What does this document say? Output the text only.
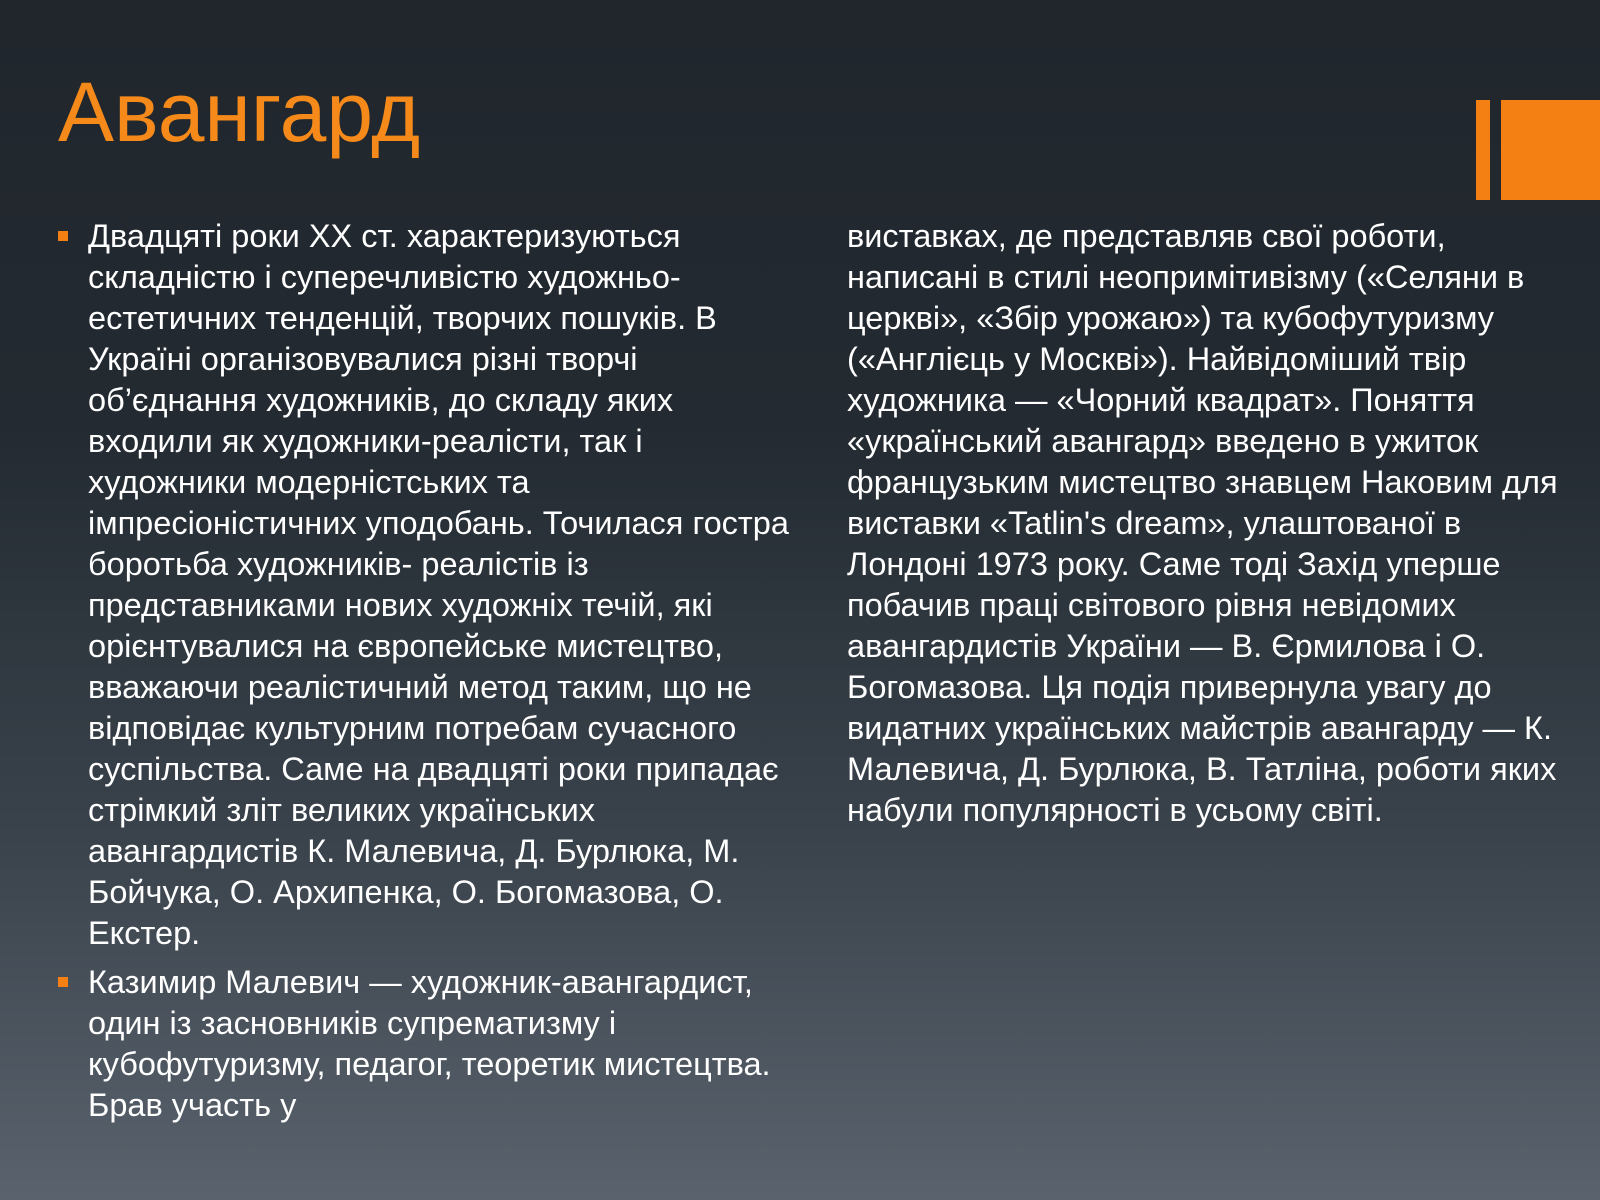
Авангард
Двадцяті роки XX ст. характеризуються складністю і суперечливістю художньо-естетичних тенденцій, творчих пошуків. В Україні організовувалися різні творчі об’єднання художників, до складу яких входили як художники-реалісти, так і художники модерністських та імпресіоністичних уподобань. Точилася гостра боротьба художників- реалістів із представниками нових художніх течій, які орієнтувалися на європейське мистецтво, вважаючи реалістичний метод таким, що не відповідає культурним потребам сучасного суспільства. Саме на двадцяті роки припадає стрімкий зліт великих українських авангардистів К. Малевича, Д. Бурлюка, М. Бойчука, О. Архипенка, О. Богомазова, О. Екстер.
Казимир Малевич — художник-авангардист, один із засновників супрематизму і кубофутуризму, педагог, теоретик мистецтва. Брав участь у
виставках, де представляв свої роботи, написані в стилі неопримітивізму («Селяни в церкві», «Збір урожаю») та кубофутуризму («Англієць у Москві»). Найвідоміший твір художника — «Чорний квадрат». Поняття «український авангард» введено в ужиток французьким мистецтво знавцем Наковим для виставки «Tatlin's dream», улаштованої в Лондоні 1973 року. Саме тоді Захід уперше побачив праці світового рівня невідомих авангардистів України — В. Єрмилова і О. Богомазова. Ця подія привернула увагу до видатних українських майстрів авангарду — К. Малевича, Д. Бурлюка, В. Татліна, роботи яких набули популярності в усьому світі.
